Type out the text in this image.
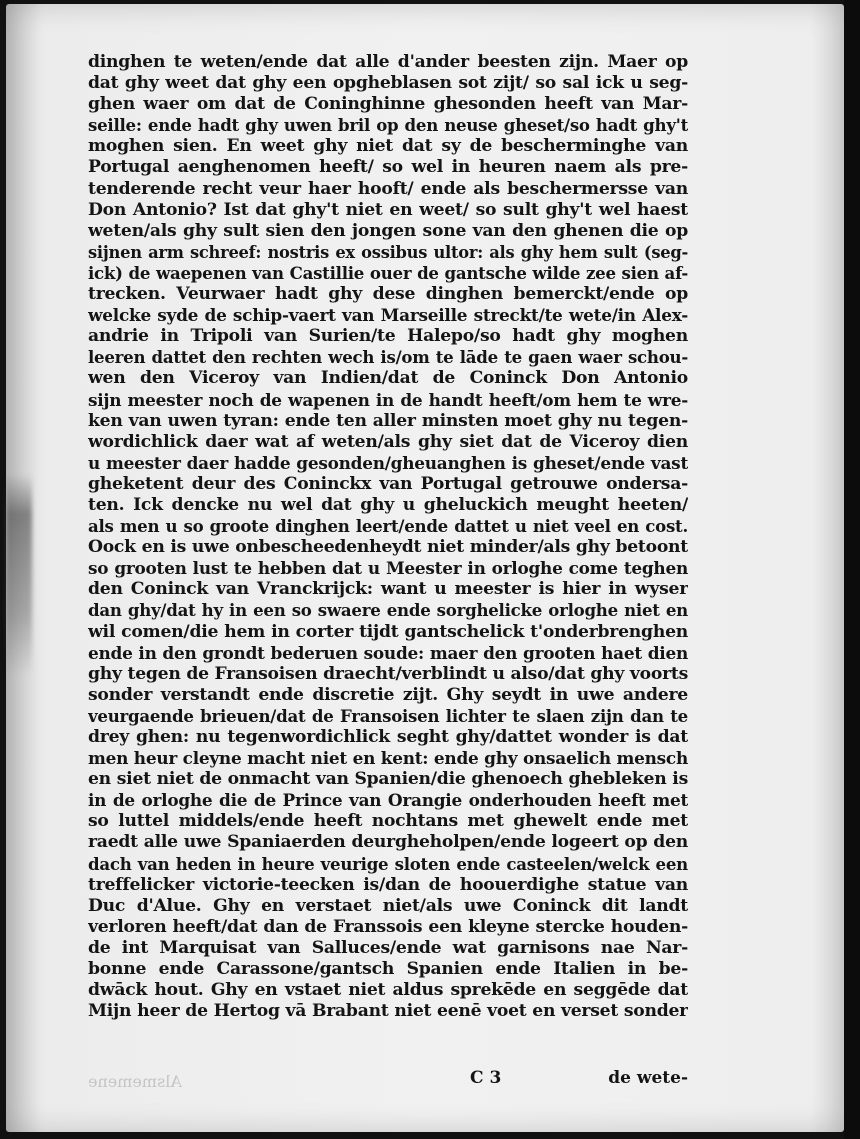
dinghen te weten/ende dat alle d'ander beesten zijn. Maer op
dat ghy weet dat ghy een opgheblasen sot zijt/ so sal ick u seg-
ghen waer om dat de Coninghinne ghesonden heeft van Mar-
seille: ende hadt ghy uwen bril op den neuse gheset/so hadt ghy't
moghen sien. En weet ghy niet dat sy de bescherminghe van
Portugal aenghenomen heeft/ so wel in heuren naem als pre-
tenderende recht veur haer hooft/ ende als beschermersse van
Don Antonio? Ist dat ghy't niet en weet/ so sult ghy't wel haest
weten/als ghy sult sien den jongen sone van den ghenen die op
sijnen arm schreef: nostris ex ossibus ultor: als ghy hem sult (seg-
ick) de waepenen van Castillie ouer de gantsche wilde zee sien af-
trecken. Veurwaer hadt ghy dese dinghen bemerckt/ende op
welcke syde de schip-vaert van Marseille streckt/te wete/in Alex-
andrie in Tripoli van Surien/te Halepo/so hadt ghy moghen
leeren dattet den rechten wech is/om te lāde te gaen waer schou-
wen den Viceroy van Indien/dat de Coninck Don Antonio
sijn meester noch de wapenen in de handt heeft/om hem te wre-
ken van uwen tyran: ende ten aller minsten moet ghy nu tegen-
wordichlick daer wat af weten/als ghy siet dat de Viceroy dien
u meester daer hadde gesonden/gheuanghen is gheset/ende vast
gheketent deur des Coninckx van Portugal getrouwe ondersa-
ten. Ick dencke nu wel dat ghy u gheluckich meught heeten/
als men u so groote dinghen leert/ende dattet u niet veel en cost.
Oock en is uwe onbescheedenheydt niet minder/als ghy betoont
so grooten lust te hebben dat u Meester in orloghe come teghen
den Coninck van Vranckrijck: want u meester is hier in wyser
dan ghy/dat hy in een so swaere ende sorghelicke orloghe niet en
wil comen/die hem in corter tijdt gantschelick t'onderbrenghen
ende in den grondt bederuen soude: maer den grooten haet dien
ghy tegen de Fransoisen draecht/verblindt u also/dat ghy voorts
sonder verstandt ende discretie zijt. Ghy seydt in uwe andere
veurgaende brieuen/dat de Fransoisen lichter te slaen zijn dan te
drey ghen: nu tegenwordichlick seght ghy/dattet wonder is dat
men heur cleyne macht niet en kent: ende ghy onsaelich mensch
en siet niet de onmacht van Spanien/die ghenoech ghebleken is
in de orloghe die de Prince van Orangie onderhouden heeft met
so luttel middels/ende heeft nochtans met ghewelt ende met
raedt alle uwe Spaniaerden deurgheholpen/ende logeert op den
dach van heden in heure veurige sloten ende casteelen/welck een
treffelicker victorie-teecken is/dan de hoouerdighe statue van
Duc d'Alue. Ghy en verstaet niet/als uwe Coninck dit landt
verloren heeft/dat dan de Franssois een kleyne stercke houden-
de int Marquisat van Salluces/ende wat garnisons nae Nar-
bonne ende Carassone/gantsch Spanien ende Italien in be-
dwāck hout. Ghy en vstaet niet aldus sprekēde en seggēde dat
Mijn heer de Hertog vā Brabant niet eenē voet en verset sonder
Alsmemene	C 3	de wete-
